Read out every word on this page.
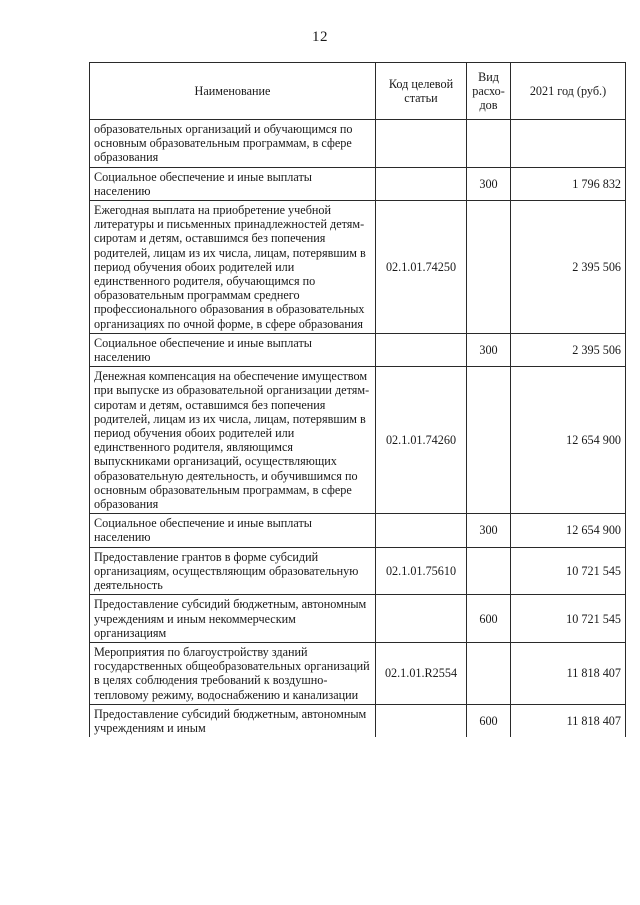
12
Наименование	Код целевой статьи	Вид расхо-дов	2021 год (руб.)
образовательных организаций и обучающимся по основным образовательным программам, в сфере образования			
Социальное обеспечение и иные выплаты населению		300	1 796 832
Ежегодная выплата на приобретение учебной литературы и письменных принадлежностей детям-сиротам и детям, оставшимся без попечения родителей, лицам из их числа, лицам, потерявшим в период обучения обоих родителей или единственного родителя, обучающимся по образовательным программам среднего профессионального образования в образовательных организациях по очной форме, в сфере образования	02.1.01.74250		2 395 506
Социальное обеспечение и иные выплаты населению		300	2 395 506
Денежная компенсация на обеспечение имуществом при выпуске из образовательной организации детям-сиротам и детям, оставшимся без попечения родителей, лицам из их числа, лицам, потерявшим в период обучения обоих родителей или единственного родителя, являющимся выпускниками организаций, осуществляющих образовательную деятельность, и обучившимся по основным образовательным программам, в сфере образования	02.1.01.74260		12 654 900
Социальное обеспечение и иные выплаты населению		300	12 654 900
Предоставление грантов в форме субсидий организациям, осуществляющим образовательную деятельность	02.1.01.75610		10 721 545
Предоставление субсидий бюджетным, автономным учреждениям и иным некоммерческим организациям		600	10 721 545
Мероприятия по благоустройству зданий государственных общеобразовательных организаций в целях соблюдения требований к воздушно-тепловому режиму, водоснабжению и канализации	02.1.01.R2554		11 818 407
Предоставление субсидий бюджетным, автономным учреждениям и иным		600	11 818 407
